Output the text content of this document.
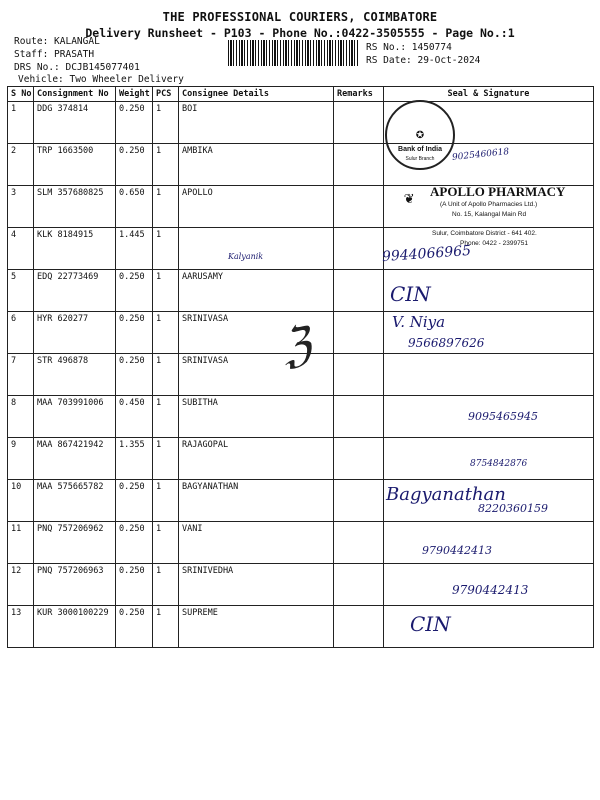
THE PROFESSIONAL COURIERS, COIMBATORE
Delivery Runsheet - P103 - Phone No.:0422-3505555 - Page No.:1
Route: KALANGAL
Staff: PRASATH
DRS No.: DCJB145077401
Vehicle: Two Wheeler Delivery
RS No.: 1450774
RS Date: 29-Oct-2024
S No	Consignment No	Weight	PCS	Consignee Details	Remarks	Seal & Signature
1	DDG 374814	0.250	1	BOI		
2	TRP 1663500	0.250	1	AMBIKA		
3	SLM 357680825	0.650	1	APOLLO		
4	KLK 8184915	1.445	1			
5	EDQ 22773469	0.250	1	AARUSAMY		
6	HYR 620277	0.250	1	SRINIVASA		
7	STR 496878	0.250	1	SRINIVASA		
8	MAA 703991006	0.450	1	SUBITHA		
9	MAA 867421942	1.355	1	RAJAGOPAL		
10	MAA 575665782	0.250	1	BAGYANATHAN		
11	PNQ 757206962	0.250	1	VANI		
12	PNQ 757206963	0.250	1	SRINIVEDHA		
13	KUR 3000100229	0.250	1	SUPREME		
✪
Bank of India
Sulur Branch	9025460618
❦ APOLLO PHARMACY
(A Unit of Apollo Pharmacies Ltd.)
No. 15, Kalangal Main Rd
Sulur, Coimbatore District - 641 402.
Phone: 0422 - 2399751
Kalyanik	9944066965
CIN
V. Niya
9566897626
ℨ
9095465945
8754842876
Bagyanathan
8220360159
9790442413
9790442413
CIN
